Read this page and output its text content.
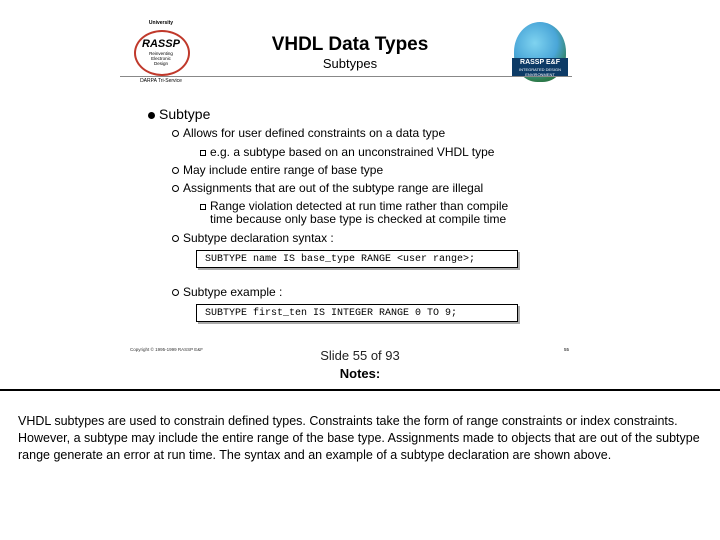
University
RASSP
Reinventing
Electronic
Design
DARPA Tri-Service
RASSP E&F
INTEGRATED DESIGN ENVIRONMENT
VHDL Data Types
Subtypes
Subtype
Allows for user defined constraints on a data type
e.g. a subtype based on an unconstrained VHDL type
May include entire range of base type
Assignments that are out of the subtype range are illegal
Range violation detected at run time rather than compile
time because only base type is checked at compile time
Subtype declaration syntax :
SUBTYPE name IS base_type RANGE <user range>;
Subtype example :
SUBTYPE first_ten IS INTEGER RANGE 0 TO 9;
Copyright © 1995-1999 RASSP E&F	55
Slide 55 of 93
Notes:
VHDL subtypes are used to constrain defined types. Constraints take the form of range constraints or index constraints. However, a subtype may include the entire range of the base type. Assignments made to objects that are out of the subtype range generate an error at run time. The syntax and an example of a subtype declaration are shown above.
